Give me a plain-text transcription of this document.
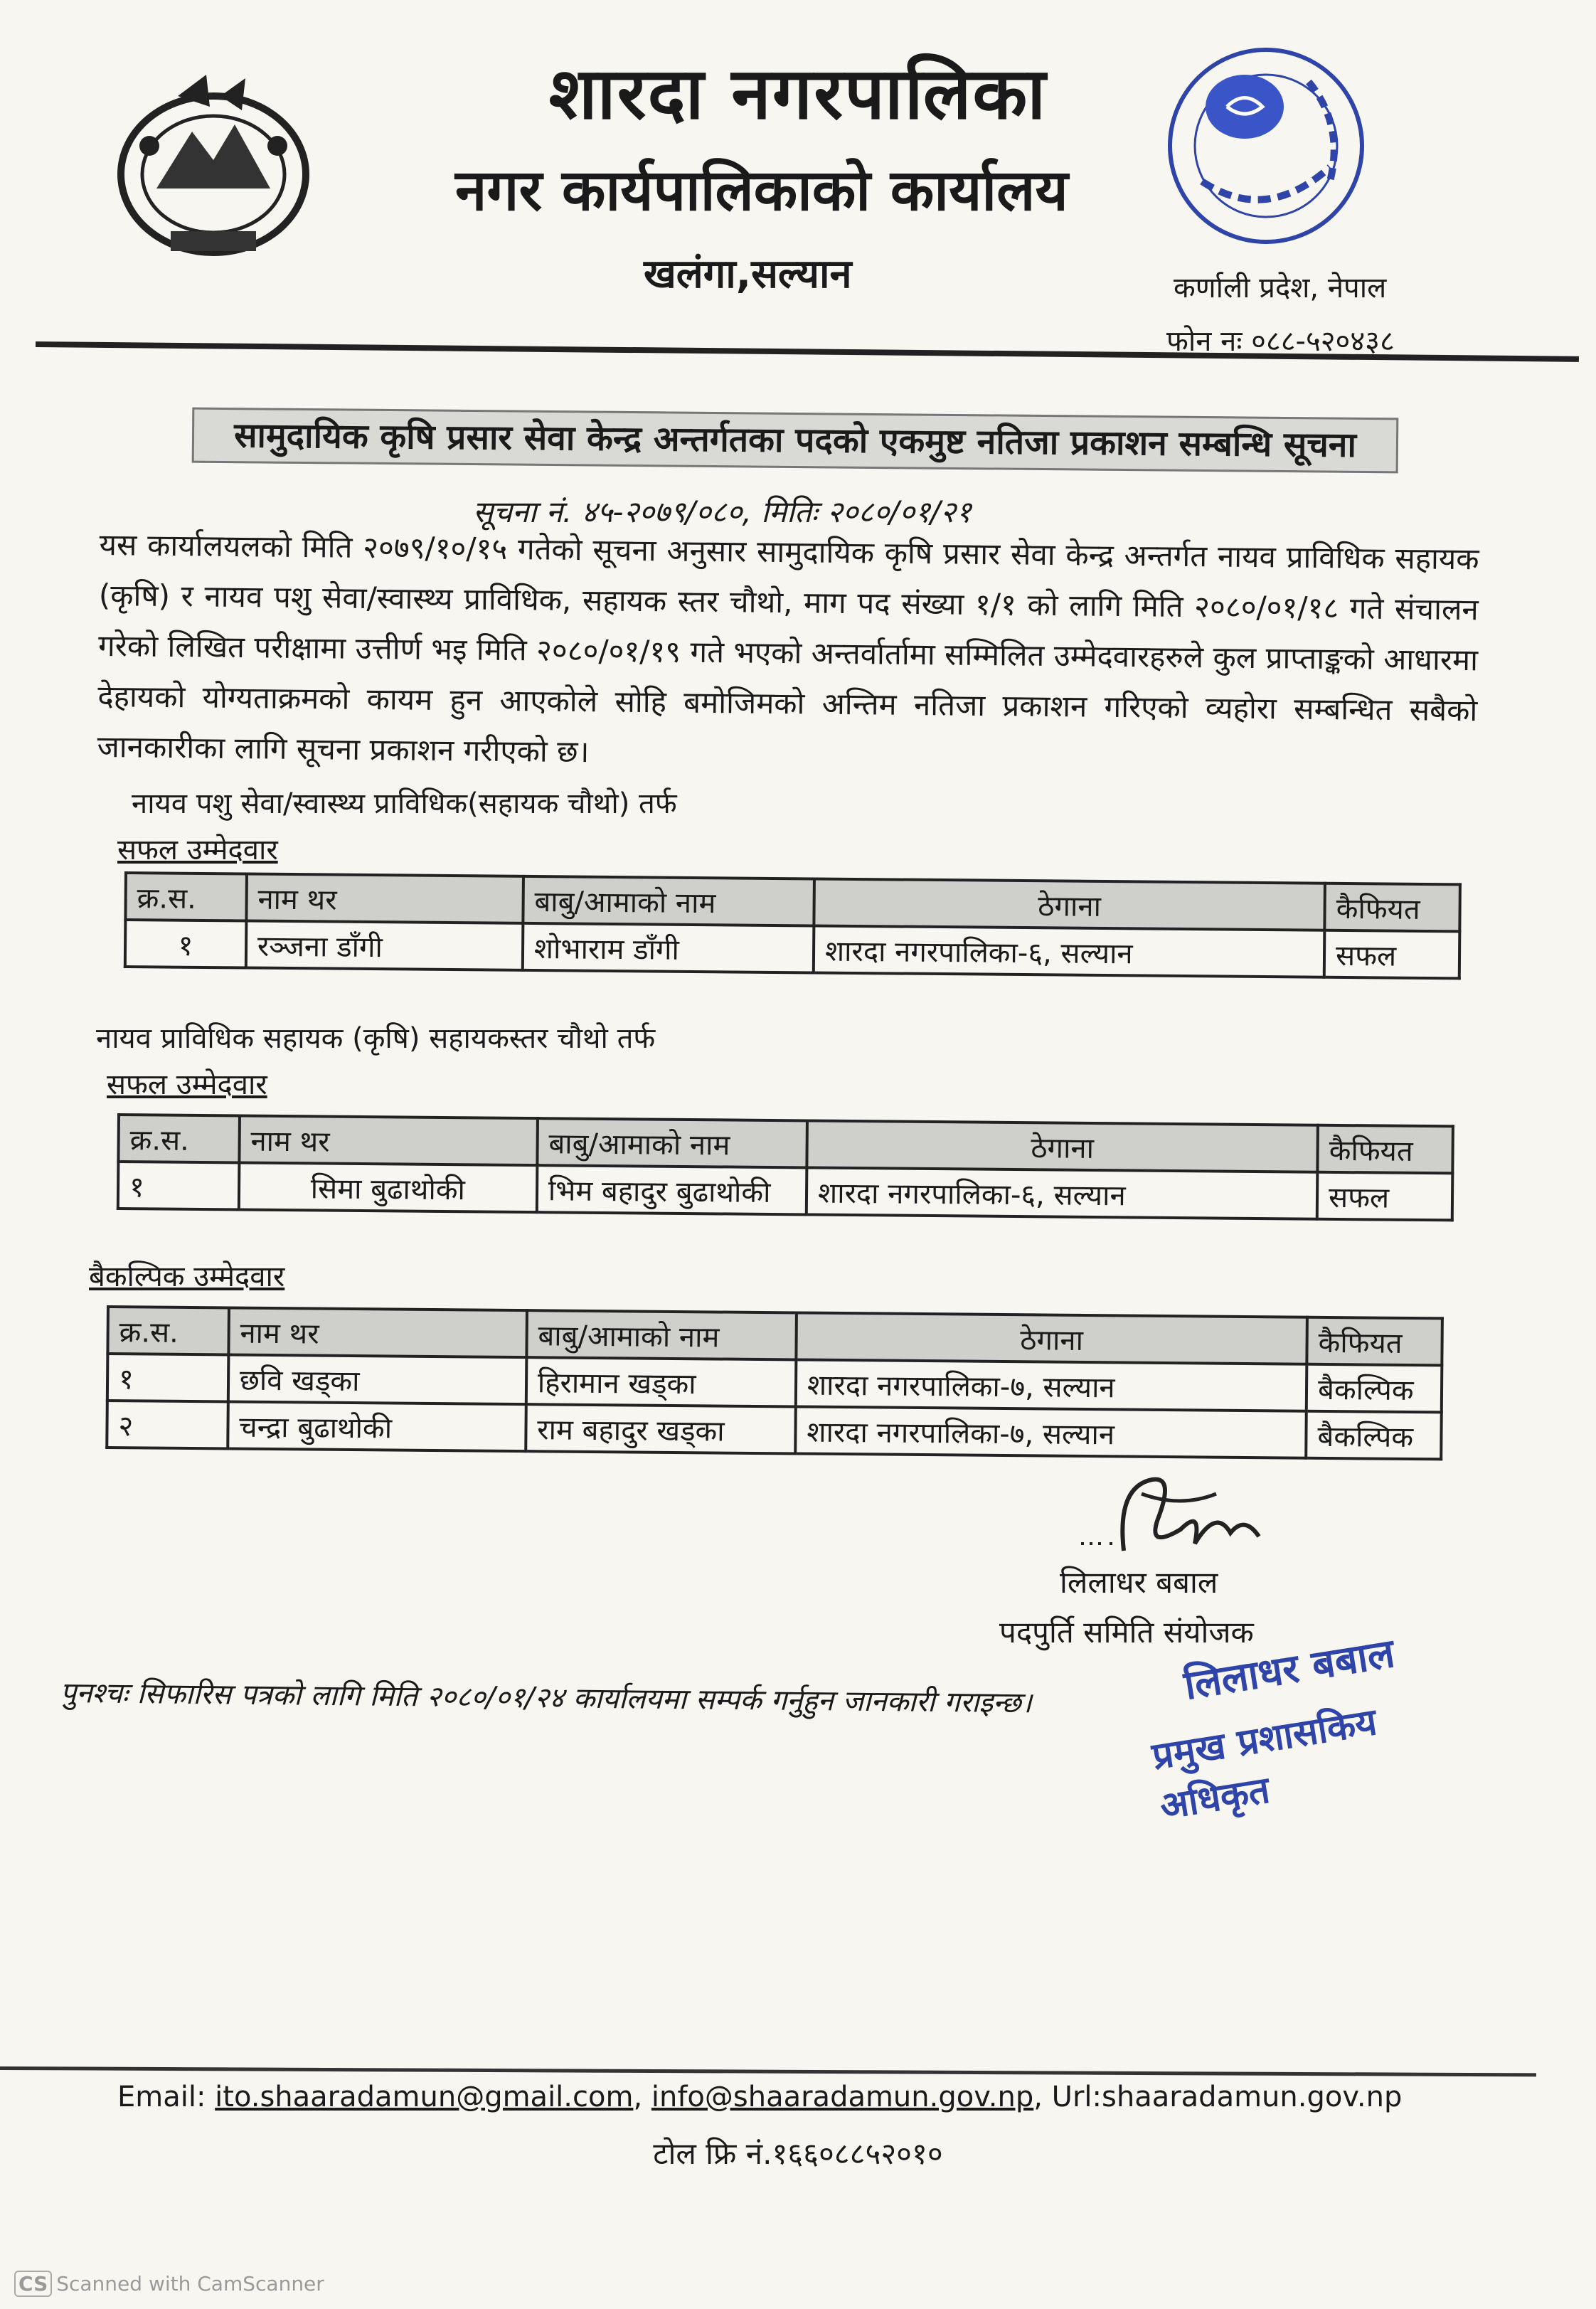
शारदा नगरपालिका
नगर कार्यपालिकाको कार्यालय
खलंगा,सल्यान	कर्णाली प्रदेश, नेपाल
फोन नः ०८८-५२०४३८
सामुदायिक कृषि प्रसार सेवा केन्द्र अन्तर्गतका पदको एकमुष्ट नतिजा प्रकाशन सम्बन्धि सूचना
सूचना नं. ४५-२०७९/०८०, मितिः २०८०/०१/२१
यस कार्यालयलको मिति २०७९/१०/१५ गतेको सूचना अनुसार सामुदायिक कृषि प्रसार सेवा केन्द्र अन्तर्गत नायव प्राविधिक सहायक (कृषि) र नायव पशु सेवा/स्वास्थ्य प्राविधिक, सहायक स्तर चौथो, माग पद संख्या १/१ को लागि मिति २०८०/०१/१८ गते संचालन गरेको लिखित परीक्षामा उत्तीर्ण भइ मिति २०८०/०१/१९ गते भएको अन्तर्वार्तामा सम्मिलित उम्मेदवारहरुले कुल प्राप्ताङ्कको आधारमा देहायको योग्यताक्रमको कायम हुन आएकोले सोहि बमोजिमको अन्तिम नतिजा प्रकाशन गरिएको व्यहोरा सम्बन्धित सबैको जानकारीका लागि सूचना प्रकाशन गरीएको छ।
नायव पशु सेवा/स्वास्थ्य प्राविधिक(सहायक चौथो) तर्फ
सफल उम्मेदवार
क्र.स.	नाम थर	बाबु/आमाको नाम	ठेगाना	कैफियत
१	रञ्जना डाँगी	शोभाराम डाँगी	शारदा नगरपालिका-६, सल्यान	सफल
नायव प्राविधिक सहायक (कृषि) सहायकस्तर चौथो तर्फ
सफल उम्मेदवार
क्र.स.	नाम थर	बाबु/आमाको नाम	ठेगाना	कैफियत
१	सिमा बुढाथोकी	भिम बहादुर बुढाथोकी	शारदा नगरपालिका-६, सल्यान	सफल
बैकल्पिक उम्मेदवार
क्र.स.	नाम थर	बाबु/आमाको नाम	ठेगाना	कैफियत
१	छवि खड्का	हिरामान खड्का	शारदा नगरपालिका-७, सल्यान	बैकल्पिक
२	चन्द्रा बुढाथोकी	राम बहादुर खड्का	शारदा नगरपालिका-७, सल्यान	बैकल्पिक
लिलाधर बबाल
पदपुर्ति समिति संयोजक
पुनश्चः सिफारिस पत्रको लागि मिति २०८०/०१/२४ कार्यालयमा सम्पर्क गर्नुहुन जानकारी गराइन्छ।	लिलाधर बबाल
प्रमुख प्रशासकिय अधिकृत
Email: ito.shaaradamun@gmail.com, info@shaaradamun.gov.np, Url:shaaradamun.gov.np
टोल फ्रि नं.१६६०८८५२०१०
CS Scanned with CamScanner
